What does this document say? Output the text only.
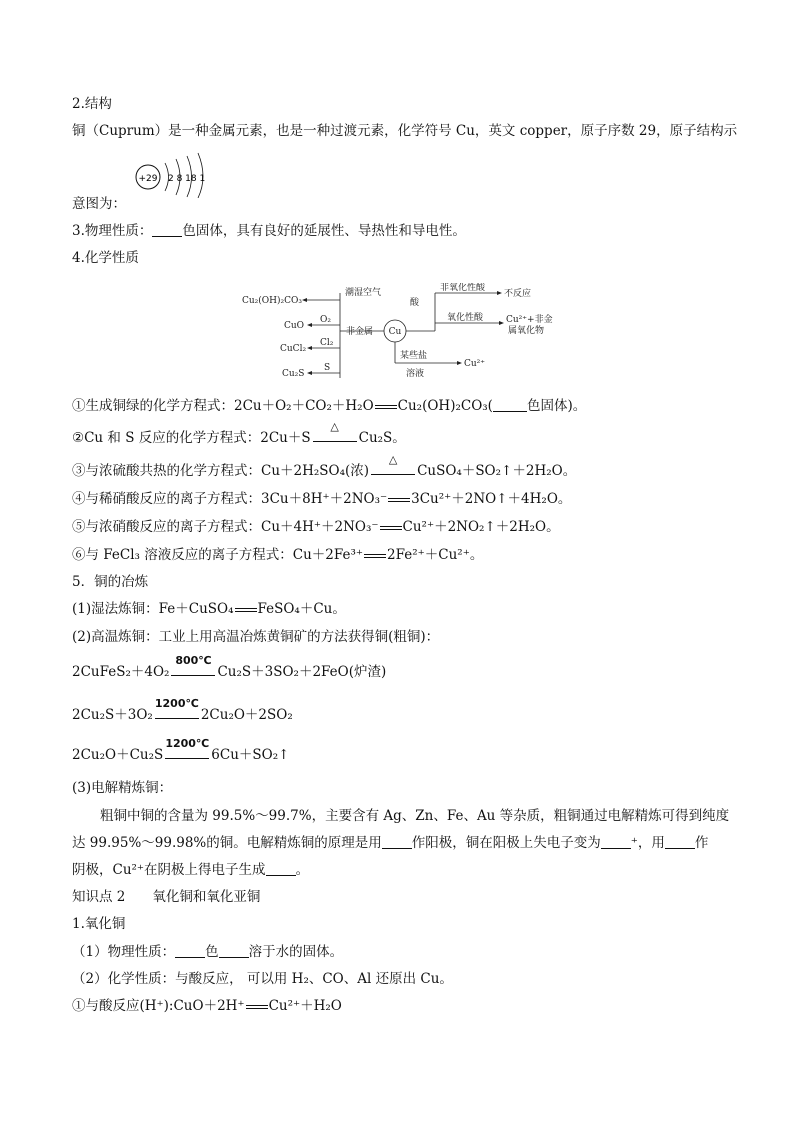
2.结构
铜（Cuprum）是一种金属元素，也是一种过渡元素，化学符号 Cu，英文 copper，原子序数 29，原子结构示
+29 2 8 18 1
意图为：
3.物理性质： 色固体，具有良好的延展性、导热性和导电性。
4.化学性质
潮湿空气
Cu₂(OH)₂CO₃
非金属
O₂
CuO
Cl₂
CuCl₂
S
Cu₂S
Cu
酸
非氧化性酸
不反应
氧化性酸	Cu²⁺+非金
属氧化物
某些盐
溶液
Cu²⁺
①生成铜绿的化学方程式：2Cu＋O₂＋CO₂＋H₂O Cu₂(OH)₂CO₃(	色固体)。
②Cu 和 S 反应的化学方程式：2Cu＋S
△
Cu₂S。
③与浓硫酸共热的化学方程式：Cu＋2H₂SO₄(浓)
△
CuSO₄＋SO₂↑＋2H₂O。
④与稀硝酸反应的离子方程式：3Cu＋8H⁺＋2NO₃⁻ 3Cu²⁺＋2NO↑＋4H₂O。
⑤与浓硝酸反应的离子方程式：Cu＋4H⁺＋2NO₃⁻ Cu²⁺＋2NO₂↑＋2H₂O。
⑥与 FeCl₃ 溶液反应的离子方程式：Cu＋2Fe³⁺ 2Fe²⁺＋Cu²⁺。
5．铜的冶炼
(1)湿法炼铜：Fe＋CuSO₄ FeSO₄＋Cu。
(2)高温炼铜：工业上用高温冶炼黄铜矿的方法获得铜(粗铜)：
2CuFeS₂＋4O₂
800℃
Cu₂S＋3SO₂＋2FeO(炉渣)
2Cu₂S＋3O₂
1200℃
2Cu₂O＋2SO₂
2Cu₂O＋Cu₂S
1200℃
6Cu＋SO₂↑
(3)电解精炼铜：
粗铜中铜的含量为 99.5%～99.7%，主要含有 Ag、Zn、Fe、Au 等杂质，粗铜通过电解精炼可得到纯度
达 99.95%～99.98%的铜。电解精炼铜的原理是用 作阳极，铜在阳极上失电子变为 ⁺，用 作
阴极，Cu²⁺在阴极上得电子生成 。
知识点 2　　氧化铜和氧化亚铜
1.氧化铜
（1）物理性质： 色 溶于水的固体。
（2）化学性质：与酸反应， 可以用 H₂、CO、Al 还原出 Cu。
①与酸反应(H⁺):CuO＋2H⁺ Cu²⁺＋H₂O
